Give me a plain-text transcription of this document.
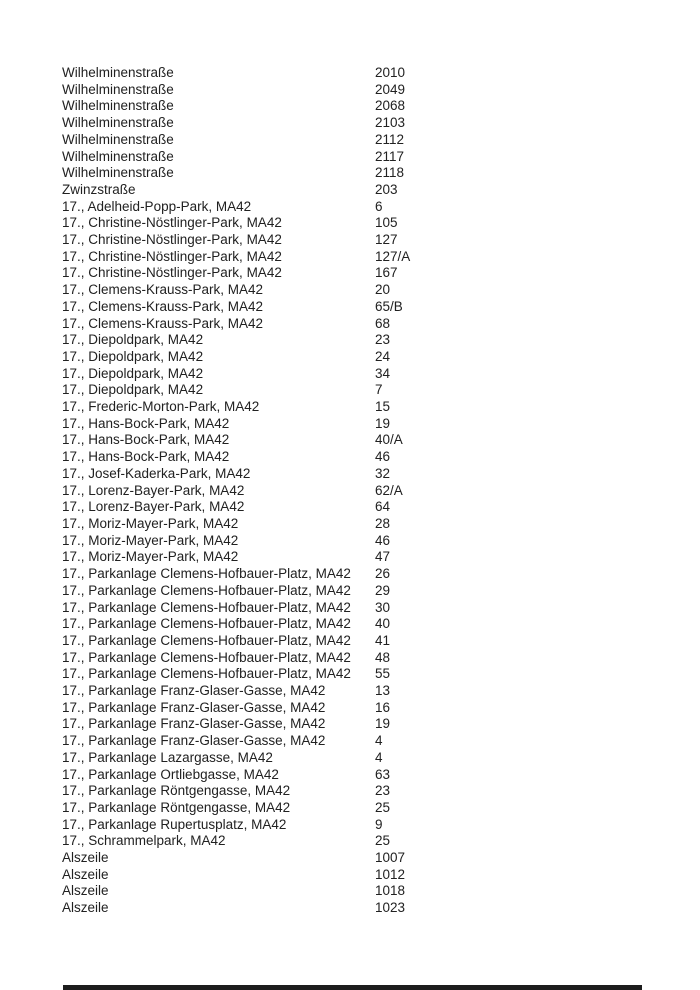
Wilhelminenstraße	2010
Wilhelminenstraße	2049
Wilhelminenstraße	2068
Wilhelminenstraße	2103
Wilhelminenstraße	2112
Wilhelminenstraße	2117
Wilhelminenstraße	2118
Zwinzstraße	203
17., Adelheid-Popp-Park, MA42	6
17., Christine-Nöstlinger-Park, MA42	105
17., Christine-Nöstlinger-Park, MA42	127
17., Christine-Nöstlinger-Park, MA42	127/A
17., Christine-Nöstlinger-Park, MA42	167
17., Clemens-Krauss-Park, MA42	20
17., Clemens-Krauss-Park, MA42	65/B
17., Clemens-Krauss-Park, MA42	68
17., Diepoldpark, MA42	23
17., Diepoldpark, MA42	24
17., Diepoldpark, MA42	34
17., Diepoldpark, MA42	7
17., Frederic-Morton-Park, MA42	15
17., Hans-Bock-Park, MA42	19
17., Hans-Bock-Park, MA42	40/A
17., Hans-Bock-Park, MA42	46
17., Josef-Kaderka-Park, MA42	32
17., Lorenz-Bayer-Park, MA42	62/A
17., Lorenz-Bayer-Park, MA42	64
17., Moriz-Mayer-Park, MA42	28
17., Moriz-Mayer-Park, MA42	46
17., Moriz-Mayer-Park, MA42	47
17., Parkanlage Clemens-Hofbauer-Platz, MA42	26
17., Parkanlage Clemens-Hofbauer-Platz, MA42	29
17., Parkanlage Clemens-Hofbauer-Platz, MA42	30
17., Parkanlage Clemens-Hofbauer-Platz, MA42	40
17., Parkanlage Clemens-Hofbauer-Platz, MA42	41
17., Parkanlage Clemens-Hofbauer-Platz, MA42	48
17., Parkanlage Clemens-Hofbauer-Platz, MA42	55
17., Parkanlage Franz-Glaser-Gasse, MA42	13
17., Parkanlage Franz-Glaser-Gasse, MA42	16
17., Parkanlage Franz-Glaser-Gasse, MA42	19
17., Parkanlage Franz-Glaser-Gasse, MA42	4
17., Parkanlage Lazargasse, MA42	4
17., Parkanlage Ortliebgasse, MA42	63
17., Parkanlage Röntgengasse, MA42	23
17., Parkanlage Röntgengasse, MA42	25
17., Parkanlage Rupertusplatz, MA42	9
17., Schrammelpark, MA42	25
Alszeile	1007
Alszeile	1012
Alszeile	1018
Alszeile	1023
